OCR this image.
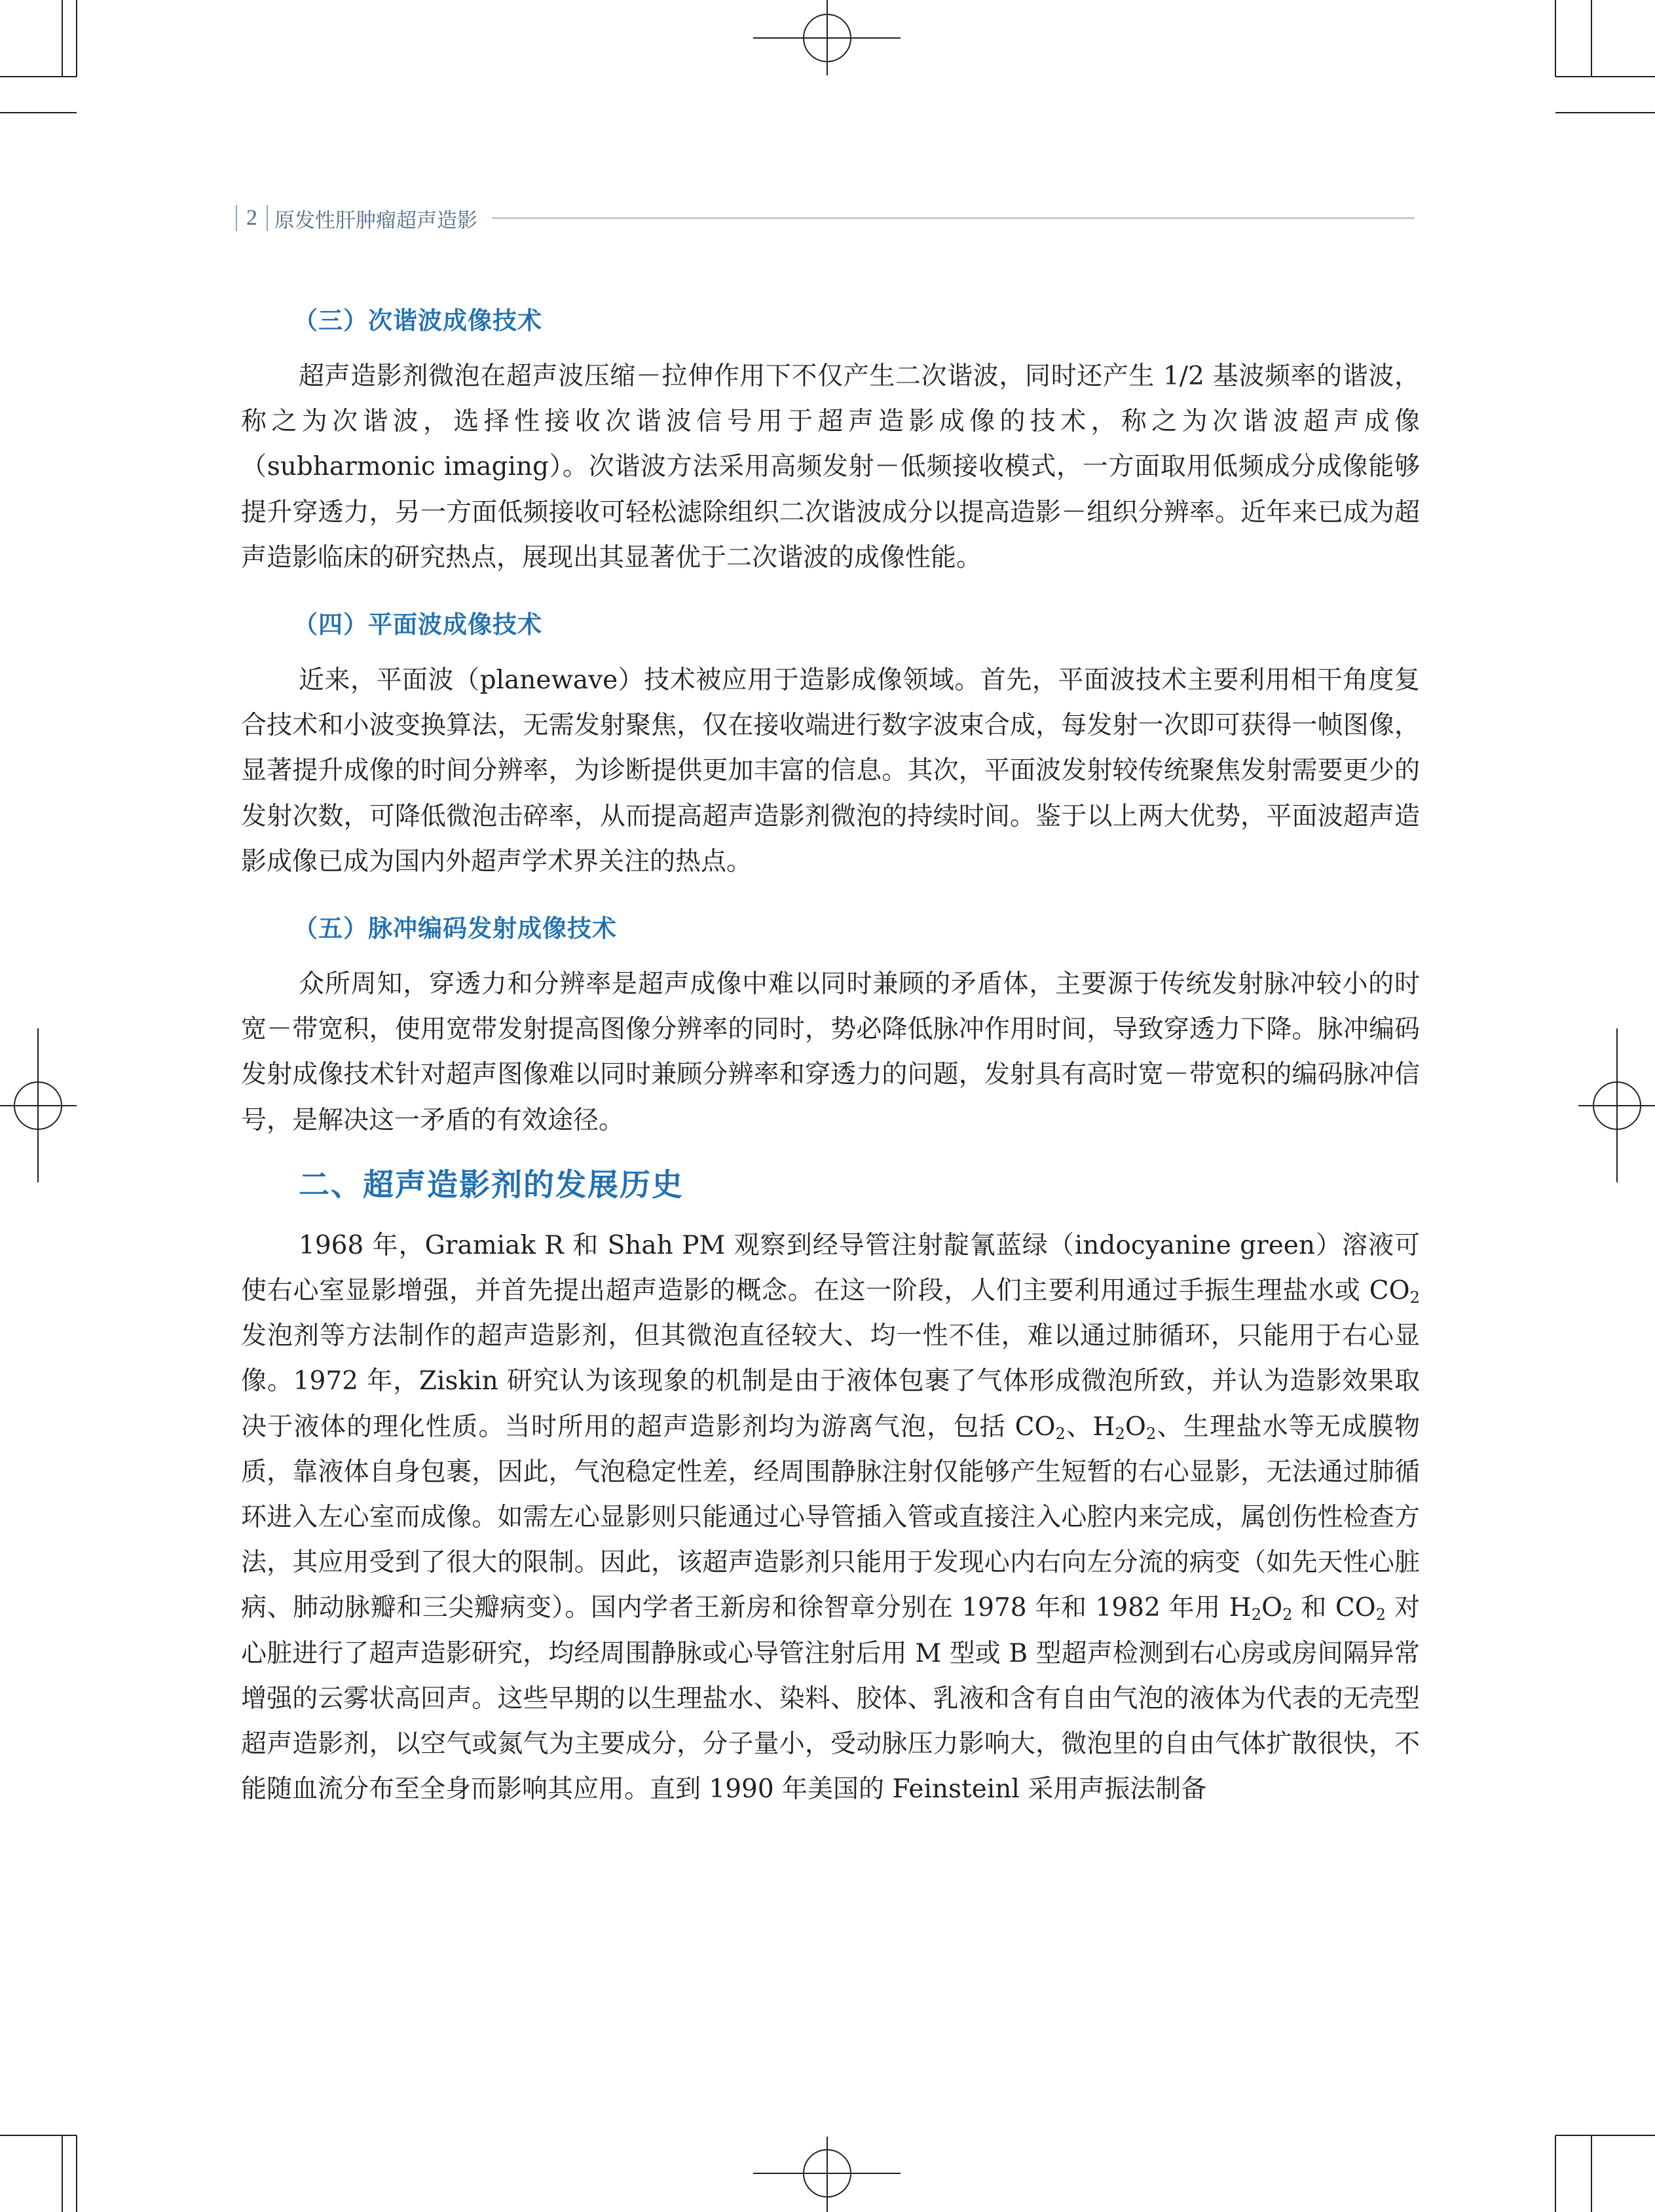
2 原发性肝肿瘤超声造影
（三）次谐波成像技术

超声造影剂微泡在超声波压缩－拉伸作用下不仅产生二次谐波，同时还产生 1/2 基波频率的谐波，称之为次谐波，选择性接收次谐波信号用于超声造影成像的技术，称之为次谐波超声成像（subharmonic imaging）。次谐波方法采用高频发射－低频接收模式，一方面取用低频成分成像能够提升穿透力，另一方面低频接收可轻松滤除组织二次谐波成分以提高造影－组织分辨率。近年来已成为超声造影临床的研究热点，展现出其显著优于二次谐波的成像性能。

（四）平面波成像技术

近来，平面波（planewave）技术被应用于造影成像领域。首先，平面波技术主要利用相干角度复合技术和小波变换算法，无需发射聚焦，仅在接收端进行数字波束合成，每发射一次即可获得一帧图像，显著提升成像的时间分辨率，为诊断提供更加丰富的信息。其次，平面波发射较传统聚焦发射需要更少的发射次数，可降低微泡击碎率，从而提高超声造影剂微泡的持续时间。鉴于以上两大优势，平面波超声造影成像已成为国内外超声学术界关注的热点。

（五）脉冲编码发射成像技术

众所周知，穿透力和分辨率是超声成像中难以同时兼顾的矛盾体，主要源于传统发射脉冲较小的时宽－带宽积，使用宽带发射提高图像分辨率的同时，势必降低脉冲作用时间，导致穿透力下降。脉冲编码发射成像技术针对超声图像难以同时兼顾分辨率和穿透力的问题，发射具有高时宽－带宽积的编码脉冲信号，是解决这一矛盾的有效途径。

二、超声造影剂的发展历史

1968 年，Gramiak R 和 Shah PM 观察到经导管注射靛氰蓝绿（indocyanine green）溶液可使右心室显影增强，并首先提出超声造影的概念。在这一阶段，人们主要利用通过手振生理盐水或 $CO_2$ 发泡剂等方法制作的超声造影剂，但其微泡直径较大、均一性不佳，难以通过肺循环，只能用于右心显像。1972 年，Ziskin 研究认为该现象的机制是由于液体包裹了气体形成微泡所致，并认为造影效果取决于液体的理化性质。当时所用的超声造影剂均为游离气泡，包括 $CO_2$、$H_2O_2$、生理盐水等无成膜物质，靠液体自身包裹，因此，气泡稳定性差，经周围静脉注射仅能够产生短暂的右心显影，无法通过肺循环进入左心室而成像。如需左心显影则只能通过心导管插入管或直接注入心腔内来完成，属创伤性检查方法，其应用受到了很大的限制。因此，该超声造影剂只能用于发现心内右向左分流的病变（如先天性心脏病、肺动脉瓣和三尖瓣病变）。国内学者王新房和徐智章分别在 1978 年和 1982 年用 $H_2O_2$ 和 $CO_2$ 对心脏进行了超声造影研究，均经周围静脉或心导管注射后用 M 型或 B 型超声检测到右心房或房间隔异常增强的云雾状高回声。这些早期的以生理盐水、染料、胶体、乳液和含有自由气泡的液体为代表的无壳型超声造影剂，以空气或氮气为主要成分，分子量小，受动脉压力影响大，微泡里的自由气体扩散很快，不能随血流分布至全身而影响其应用。直到 1990 年美国的 Feinsteinl 采用声振法制备
